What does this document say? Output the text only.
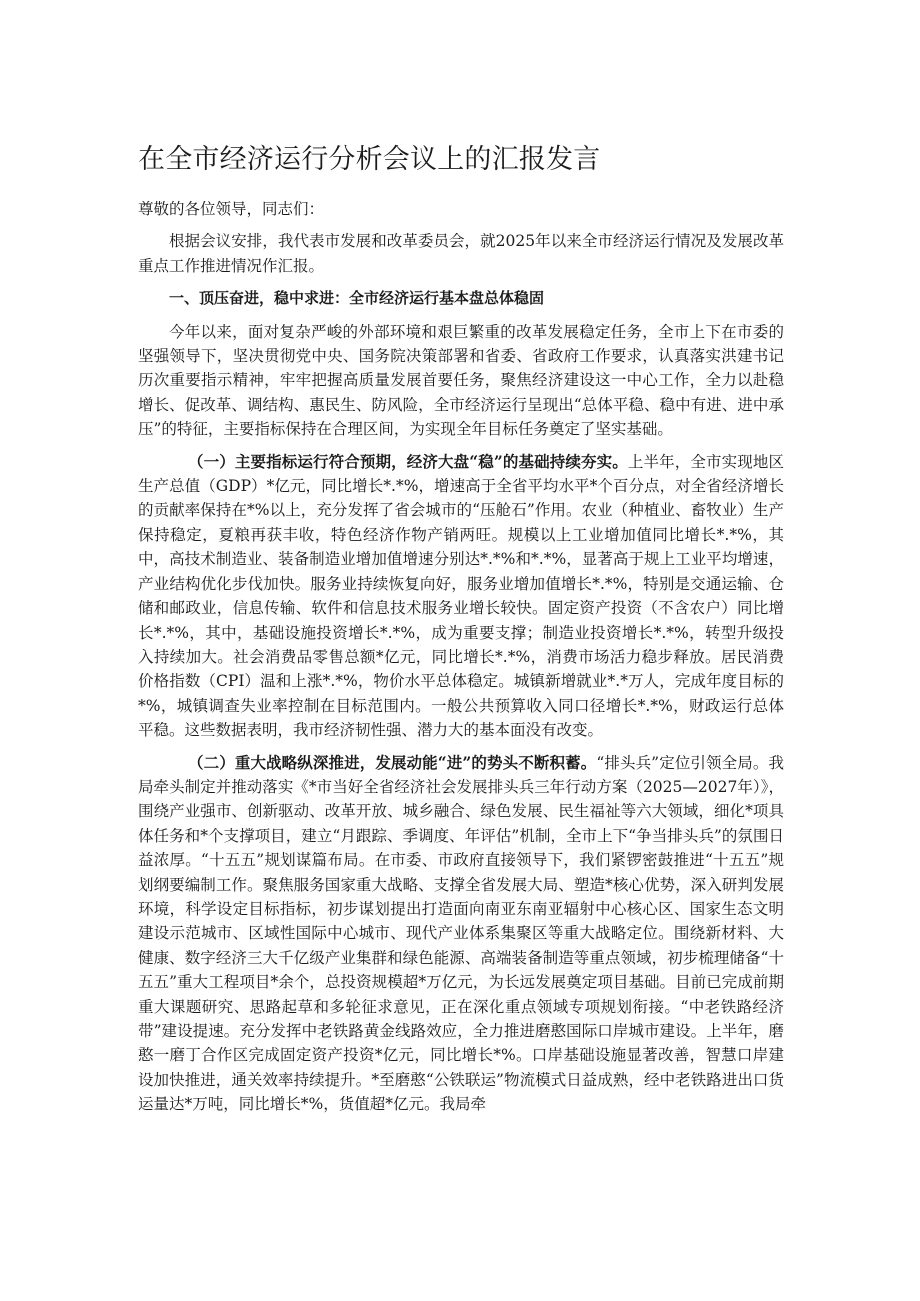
在全市经济运行分析会议上的汇报发言

尊敬的各位领导，同志们：

根据会议安排，我代表市发展和改革委员会，就2025年以来全市经济运行情况及发展改革重点工作推进情况作汇报。

一、顶压奋进，稳中求进：全市经济运行基本盘总体稳固

今年以来，面对复杂严峻的外部环境和艰巨繁重的改革发展稳定任务，全市上下在市委的坚强领导下，坚决贯彻党中央、国务院决策部署和省委、省政府工作要求，认真落实洪建书记历次重要指示精神，牢牢把握高质量发展首要任务，聚焦经济建设这一中心工作，全力以赴稳增长、促改革、调结构、惠民生、防风险，全市经济运行呈现出“总体平稳、稳中有进、进中承压”的特征，主要指标保持在合理区间，为实现全年目标任务奠定了坚实基础。

（一）主要指标运行符合预期，经济大盘“稳”的基础持续夯实。上半年，全市实现地区生产总值（GDP）*亿元，同比增长*.*%，增速高于全省平均水平*个百分点，对全省经济增长的贡献率保持在*%以上，充分发挥了省会城市的“压舱石”作用。农业（种植业、畜牧业）生产保持稳定，夏粮再获丰收，特色经济作物产销两旺。规模以上工业增加值同比增长*.*%，其中，高技术制造业、装备制造业增加值增速分别达*.*%和*.*%，显著高于规上工业平均增速，产业结构优化步伐加快。服务业持续恢复向好，服务业增加值增长*.*%，特别是交通运输、仓储和邮政业，信息传输、软件和信息技术服务业增长较快。固定资产投资（不含农户）同比增长*.*%，其中，基础设施投资增长*.*%，成为重要支撑；制造业投资增长*.*%，转型升级投入持续加大。社会消费品零售总额*亿元，同比增长*.*%，消费市场活力稳步释放。居民消费价格指数（CPI）温和上涨*.*%，物价水平总体稳定。城镇新增就业*.*万人，完成年度目标的*%，城镇调查失业率控制在目标范围内。一般公共预算收入同口径增长*.*%，财政运行总体平稳。这些数据表明，我市经济韧性强、潜力大的基本面没有改变。

（二）重大战略纵深推进，发展动能“进”的势头不断积蓄。“排头兵”定位引领全局。我局牵头制定并推动落实《*市当好全省经济社会发展排头兵三年行动方案（2025—2027年）》，围绕产业强市、创新驱动、改革开放、城乡融合、绿色发展、民生福祉等六大领域，细化*项具体任务和*个支撑项目，建立“月跟踪、季调度、年评估”机制，全市上下“争当排头兵”的氛围日益浓厚。“十五五”规划谋篇布局。在市委、市政府直接领导下，我们紧锣密鼓推进“十五五”规划纲要编制工作。聚焦服务国家重大战略、支撑全省发展大局、塑造*核心优势，深入研判发展环境，科学设定目标指标，初步谋划提出打造面向南亚东南亚辐射中心核心区、国家生态文明建设示范城市、区域性国际中心城市、现代产业体系集聚区等重大战略定位。围绕新材料、大健康、数字经济三大千亿级产业集群和绿色能源、高端装备制造等重点领域，初步梳理储备“十五五”重大工程项目*余个，总投资规模超*万亿元，为长远发展奠定项目基础。目前已完成前期重大课题研究、思路起草和多轮征求意见，正在深化重点领域专项规划衔接。“中老铁路经济带”建设提速。充分发挥中老铁路黄金线路效应，全力推进磨憨国际口岸城市建设。上半年，磨憨一磨丁合作区完成固定资产投资*亿元，同比增长*%。口岸基础设施显著改善，智慧口岸建设加快推进，通关效率持续提升。*至磨憨“公铁联运”物流模式日益成熟，经中老铁路进出口货运量达*万吨，同比增长*%，货值超*亿元。我局牵
